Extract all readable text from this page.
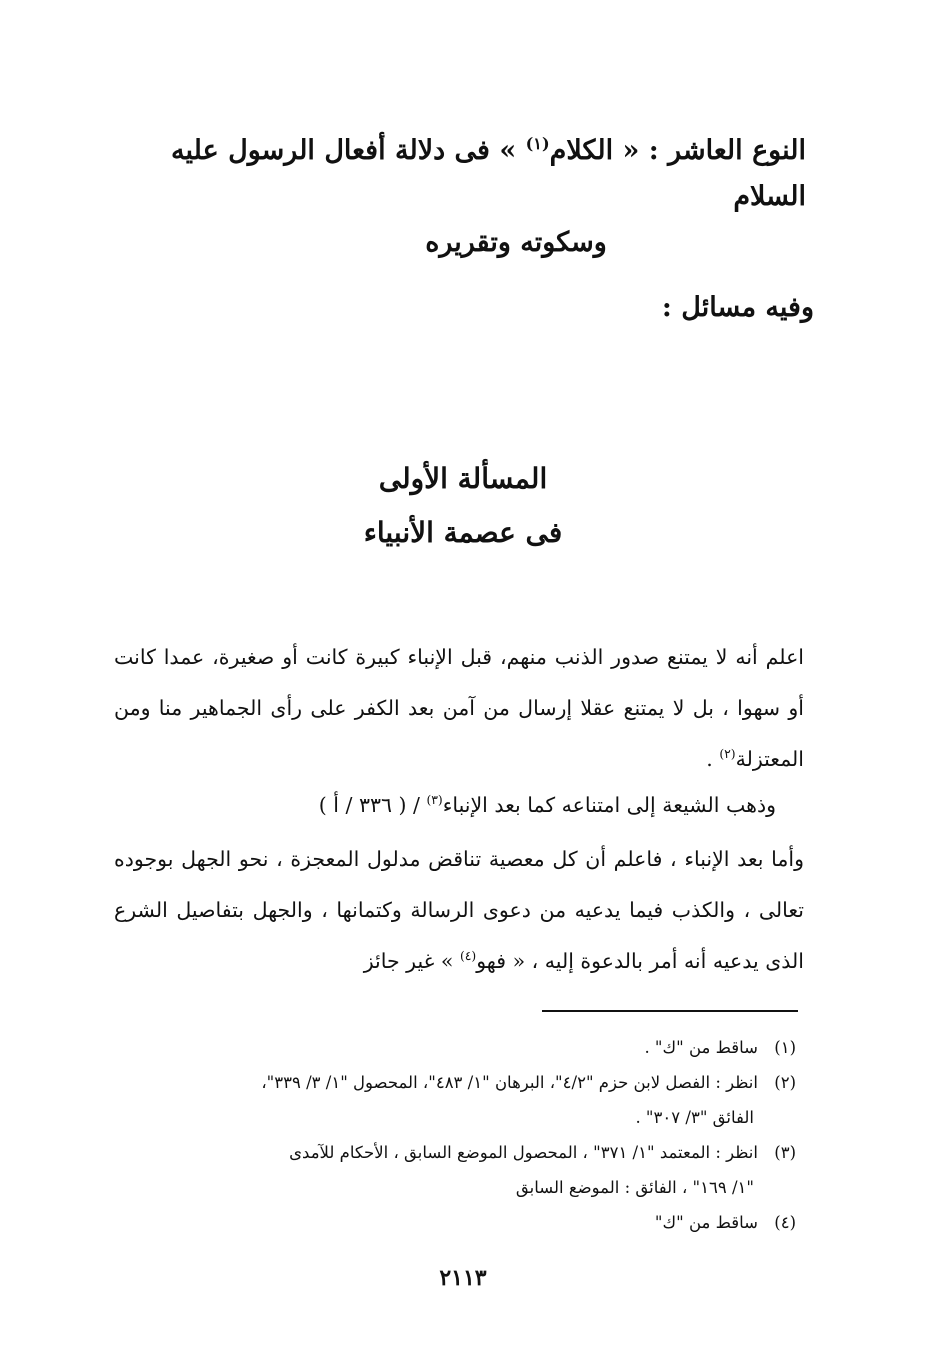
النوع العاشر : « الكلام$^{(١)}$ » فى دلالة أفعال الرسول عليه السلام
وسكوته وتقريره
وفيه مسائل :
المسألة الأولى
فى عصمة الأنبياء

اعلم أنه لا يمتنع صدور الذنب منهم، قبل الإنباء كبيرة كانت أو صغيرة، عمدا كانت أو سهوا ، بل لا يمتنع عقلا إرسال من آمن بعد الكفر على رأى الجماهير منا ومن المعتزلة$^{(٢)}$ .

وذهب الشيعة إلى امتناعه كما بعد الإنباء$^{(٣)}$ / ( ٣٣٦ / أ )

وأما بعد الإنباء ، فاعلم أن كل معصية تناقض مدلول المعجزة ، نحو الجهل بوجوده تعالى ، والكذب فيما يدعيه من دعوى الرسالة وكتمانها ، والجهل بتفاصيل الشرع الذى يدعيه أنه أمر بالدعوة إليه ، « فهو$^{(٤)}$ » غير جائز

(١)ساقط من "ك" .
(٢)انظر : الفصل لابن حزم "٤/٢"، البرهان "١/ ٤٨٣"، المحصول "١/ ٣/ ٣٣٩"،
الفائق "٣/ ٣٠٧" .
(٣)انظر : المعتمد "١/ ٣٧١" ، المحصول الموضع السابق ، الأحكام للآمدى
"١/ ١٦٩" ، الفائق : الموضع السابق
(٤)ساقط من "ك"
٢١١٣
